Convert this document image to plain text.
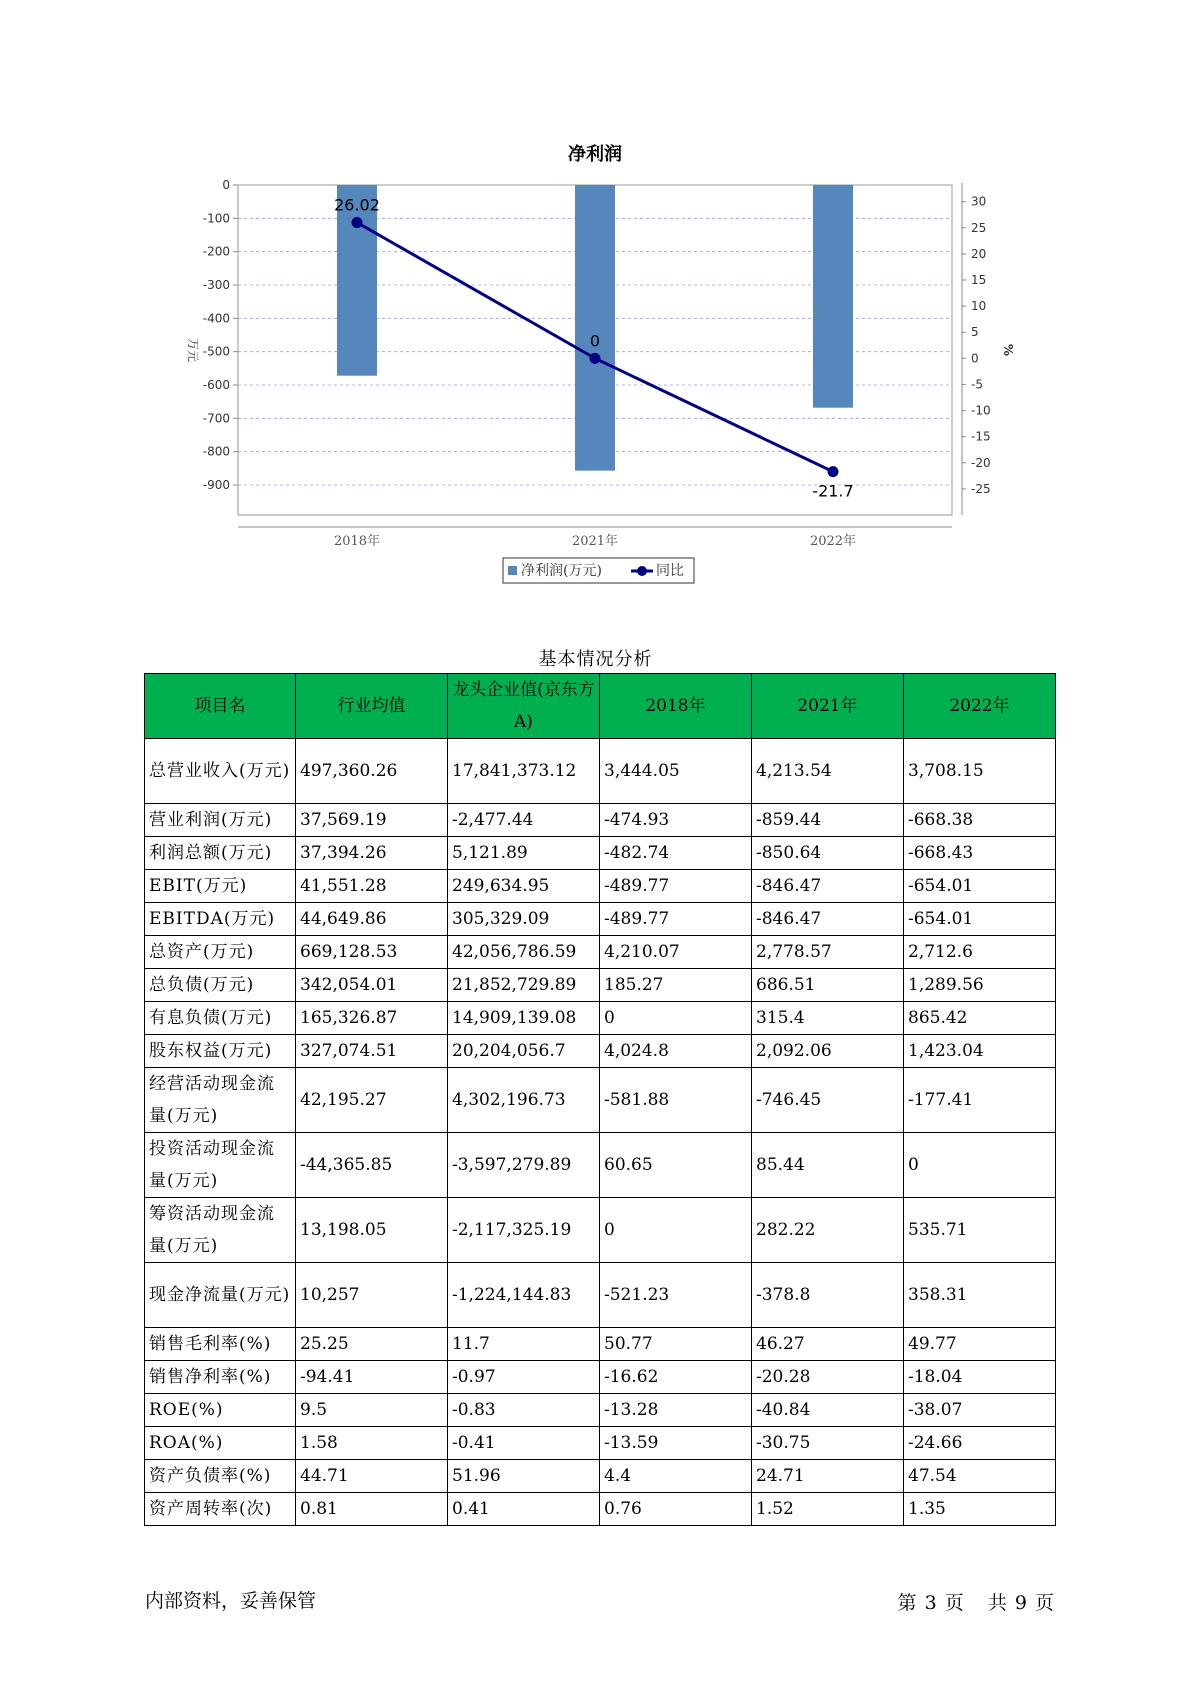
净利润
0
-100
-200
-300
-400
-500
-600
-700
-800
-900
30
25
20
15
10
5
0
-5
-10
-15
-20
-25
万元	%
26.02
0
-21.7
2018年	2021年	2022年
净利润(万元)	同比
基本情况分析
项目名	行业均值	龙头企业值(京东方A)	2018年	2021年	2022年
总营业收入(万元)	497,360.26	17,841,373.12	3,444.05	4,213.54	3,708.15
营业利润(万元)	37,569.19	-2,477.44	-474.93	-859.44	-668.38
利润总额(万元)	37,394.26	5,121.89	-482.74	-850.64	-668.43
EBIT(万元)	41,551.28	249,634.95	-489.77	-846.47	-654.01
EBITDA(万元)	44,649.86	305,329.09	-489.77	-846.47	-654.01
总资产(万元)	669,128.53	42,056,786.59	4,210.07	2,778.57	2,712.6
总负债(万元)	342,054.01	21,852,729.89	185.27	686.51	1,289.56
有息负债(万元)	165,326.87	14,909,139.08	0	315.4	865.42
股东权益(万元)	327,074.51	20,204,056.7	4,024.8	2,092.06	1,423.04
经营活动现金流量(万元)	42,195.27	4,302,196.73	-581.88	-746.45	-177.41
投资活动现金流量(万元)	-44,365.85	-3,597,279.89	60.65	85.44	0
筹资活动现金流量(万元)	13,198.05	-2,117,325.19	0	282.22	535.71
现金净流量(万元)	10,257	-1,224,144.83	-521.23	-378.8	358.31
销售毛利率(%)	25.25	11.7	50.77	46.27	49.77
销售净利率(%)	-94.41	-0.97	-16.62	-20.28	-18.04
ROE(%)	9.5	-0.83	-13.28	-40.84	-38.07
ROA(%)	1.58	-0.41	-13.59	-30.75	-24.66
资产负债率(%)	44.71	51.96	4.4	24.71	47.54
资产周转率(次)	0.81	0.41	0.76	1.52	1.35
内部资料，妥善保管	第 3 页 共 9 页
